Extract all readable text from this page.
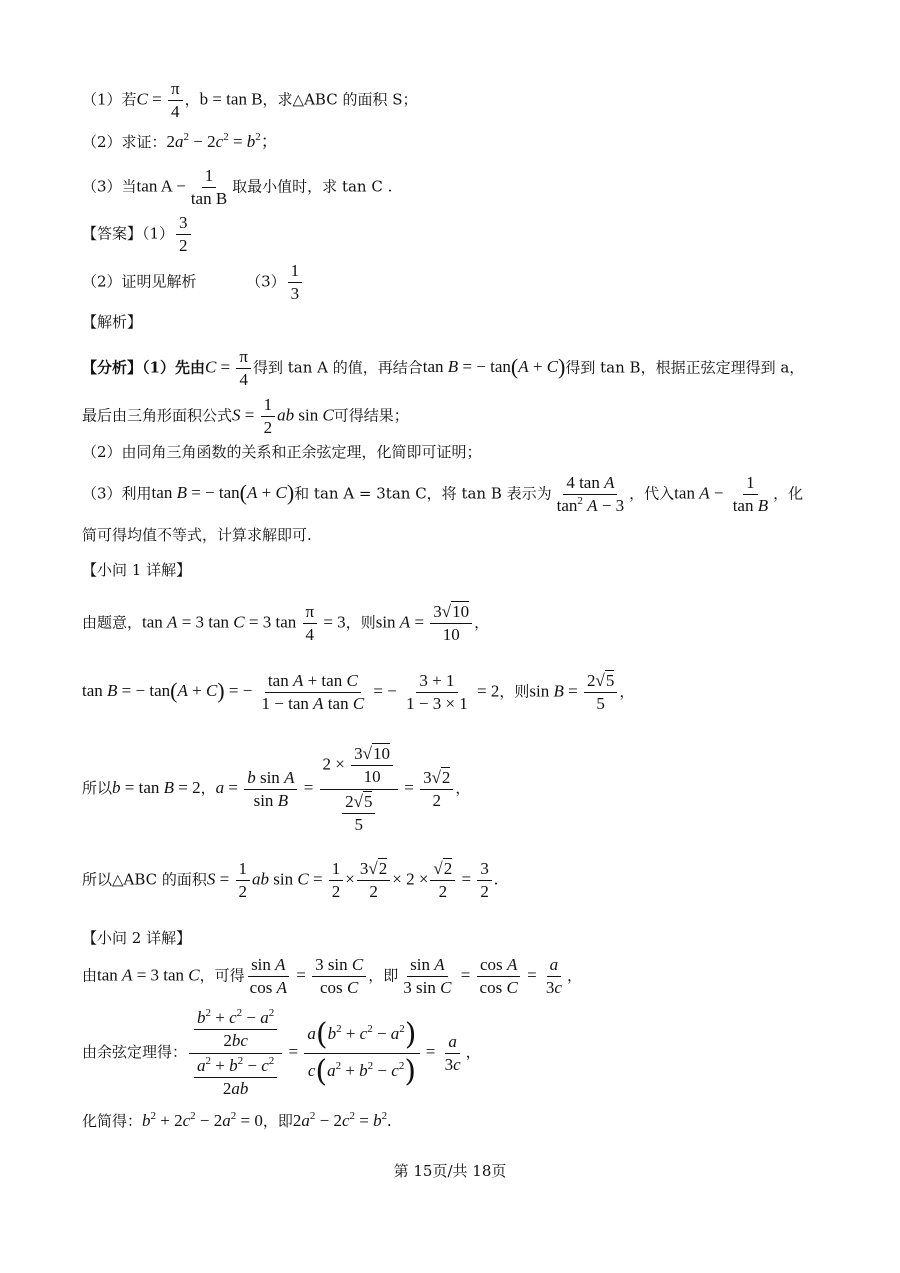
（1）若$C = \frac{\pi}{4}$ ，b = tan B，求△ABC 的面积 S；
（2）求证：$2a^2 - 2c^2 = b^2$；
（3）当$\tan A - \frac{1}{\text{tan B}}$ 取最小值时，求 tan C .
【答案】$(1) \frac{3}{2}$
（2）证明见解析	$(3) \frac{1}{3}$
【解析】
【分析】（1）先由$C = \frac{\pi}{4}$ 得到 tan A 的值，再结合tan B = − tan(A + C)得到 tan B，根据正弦定理得到 a，
最后由三角形面积公式$S = \frac{1}{2}$ ab sin C可得结果；
（2）由同角三角函数的关系和正余弦定理，化简即可证明；
（3）利用tan B = − tan(A + C)和 tan A = 3tan C，将 tan B 表示为 $\frac{\text{4 tan A}}{\tan^2 A - 3}$ ，代入$\tan A - \frac{1}{\text{tan B}}$ ，化
简可得均值不等式，计算求解即可.
【小问 1 详解】
由题意，tan A = 3 tan C = 3 $\tan \frac{\pi}{4} = 3$，则$\sin A = \frac{3√10}{10}$ ，
tan B = − tan(A + C) = − $\frac{\text{tan A + tan C}}{\text{1 − tan A tan C}}$ = − $\frac{3 + 1}{1 - 3 \times 1} = 2$，则$\sin B = \frac{2√5}{5}$ ，
所以b = tan B = 2，$a = \frac{\text{b sin A}}{\text{sin B}} = \frac{2 \times \frac{3√10}{10}}{\frac{2√5}{5}} = \frac{3√2}{2}$ ，
所以△ABC 的面积$S = \frac{1}{2}$ ab $\sin C = \frac{1}{2} \times \frac{3√2}{2} \times 2 \times \frac{√2}{2} = \frac{3}{2}$ .
【小问 2 详解】
由tan A = 3 tan C，可得 $\frac{\text{sin A}}{\text{cos A}} = \frac{\text{3 sin C}}{\text{cos C}}$ ，即 $\frac{\text{sin A}}{\text{3 sin C}} = \frac{\text{cos A}}{\text{cos C}} = \frac{a}{3c}$ ，
由余弦定理得： $\frac{\frac{b^2 + c^2 - a^2}{2bc}}{\frac{a^2 + b^2 - c^2}{2ab}} = \frac{a(b^2 + c^2 - a^2)}{c(a^2 + b^2 - c^2)} = \frac{a}{3c}$ ，
化简得：$b^2 + 2c^2 - 2a^2 = 0$，即$2a^2 - 2c^2 = b^2$.
第 15页/共 18页
